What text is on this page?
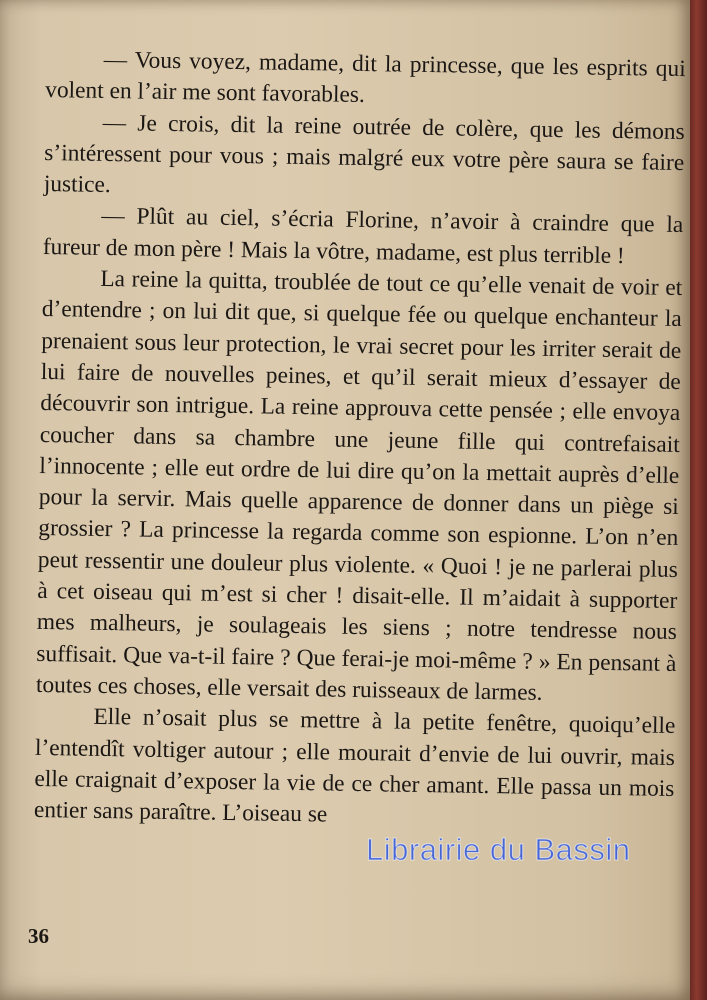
— Vous voyez, madame, dit la princesse, que les esprits qui volent en l’air me sont favorables.

— Je crois, dit la reine outrée de colère, que les démons s’intéressent pour vous ; mais malgré eux votre père saura se faire justice.

— Plût au ciel, s’écria Florine, n’avoir à craindre que la fureur de mon père ! Mais la vôtre, madame, est plus terrible !

La reine la quitta, troublée de tout ce qu’elle venait de voir et d’entendre ; on lui dit que, si quelque fée ou quelque enchanteur la prenaient sous leur protection, le vrai secret pour les irriter serait de lui faire de nouvelles peines, et qu’il serait mieux d’essayer de découvrir son intrigue. La reine approuva cette pensée ; elle envoya coucher dans sa chambre une jeune fille qui contrefaisait l’innocente ; elle eut ordre de lui dire qu’on la mettait auprès d’elle pour la servir. Mais quelle apparence de donner dans un piège si grossier ? La princesse la regarda comme son espionne. L’on n’en peut ressentir une douleur plus violente. « Quoi ! je ne parlerai plus à cet oiseau qui m’est si cher ! disait-elle. Il m’aidait à supporter mes malheurs, je soulageais les siens ; notre tendresse nous suffisait. Que va-t-il faire ? Que ferai-je moi-même ? » En pensant à toutes ces choses, elle versait des ruisseaux de larmes.

Elle n’osait plus se mettre à la petite fenêtre, quoiqu’elle l’entendît voltiger autour ; elle mourait d’envie de lui ouvrir, mais elle craignait d’exposer la vie de ce cher amant. Elle passa un mois entier sans paraître. L’oiseau se

36
Librairie du Bassin
